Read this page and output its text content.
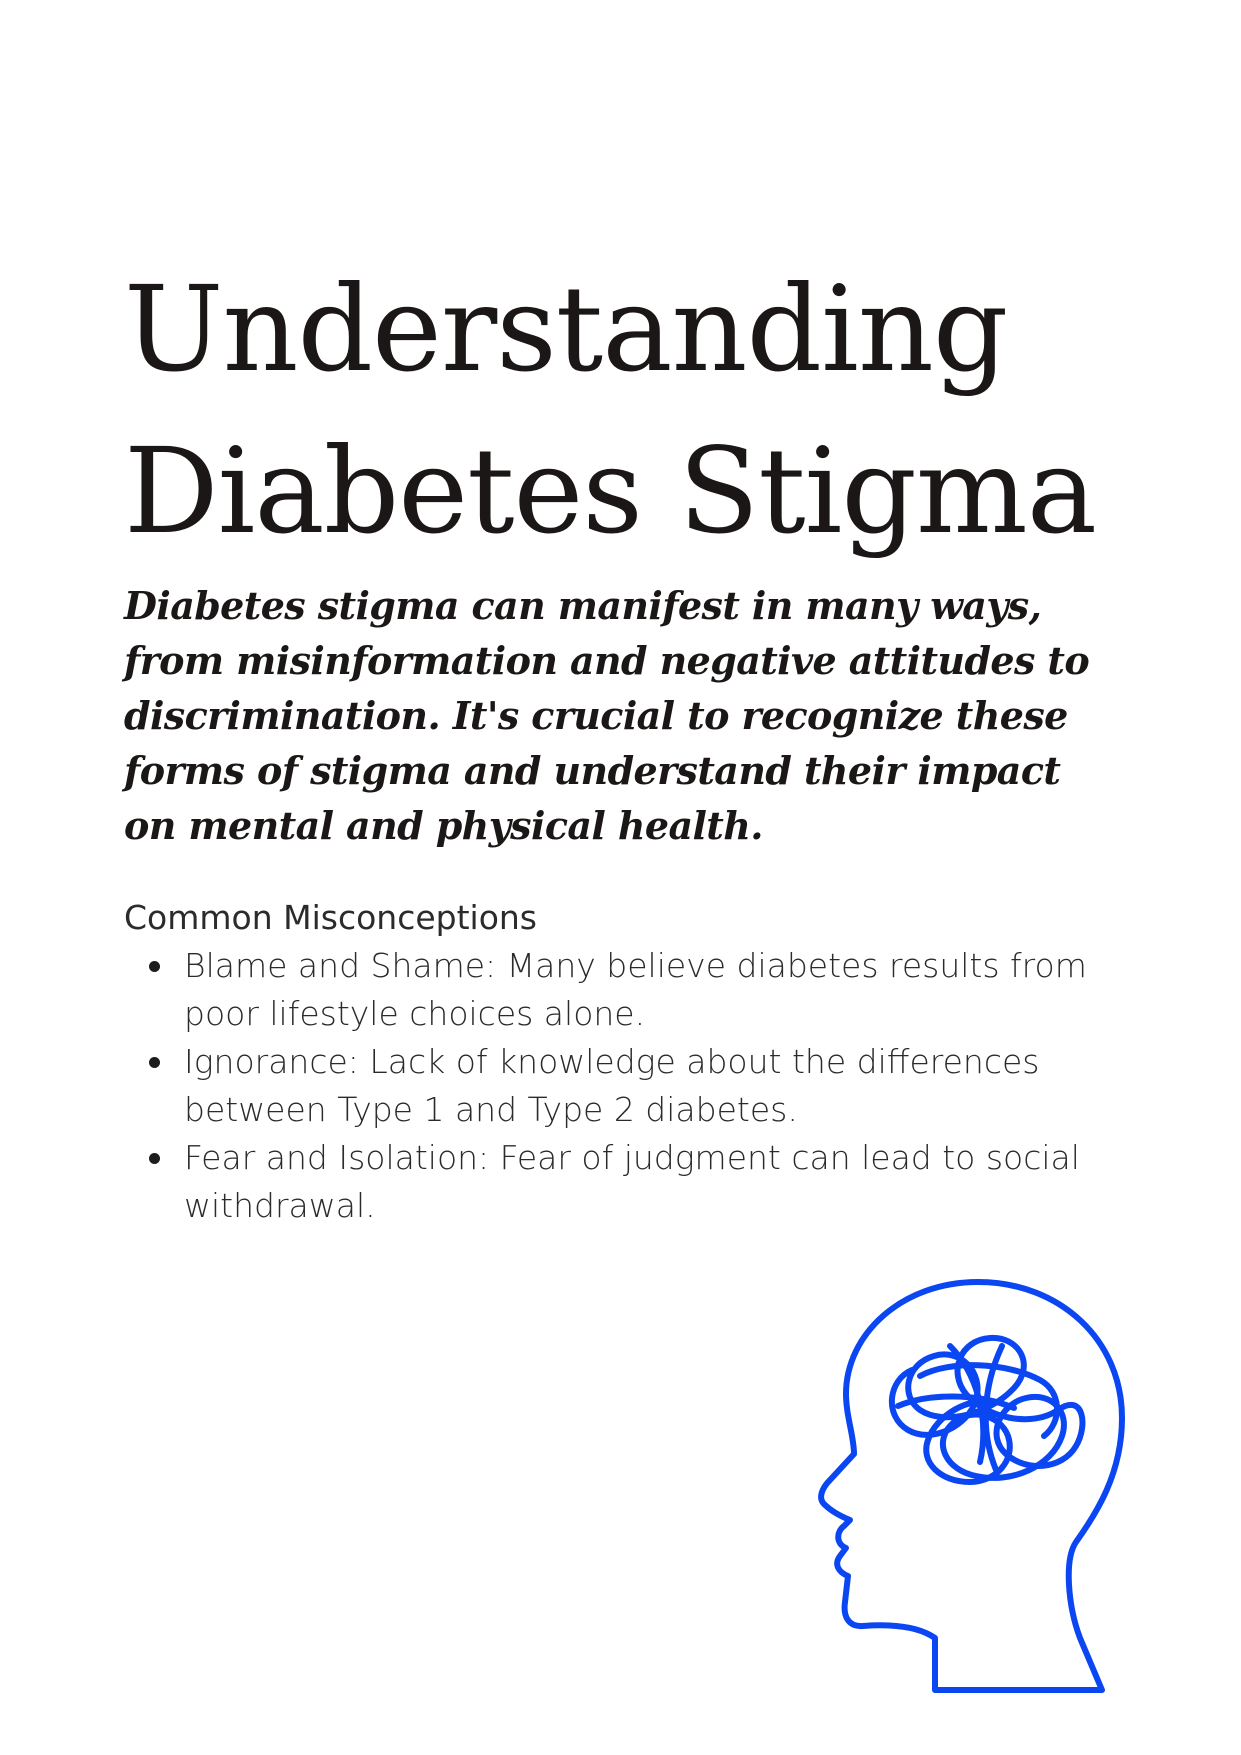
Understanding
Diabetes Stigma

Diabetes stigma can manifest in many ways, from misinformation and negative attitudes to discrimination. It's crucial to recognize these forms of stigma and understand their impact on mental and physical health.

Common Misconceptions
Blame and Shame: Many believe diabetes results from poor lifestyle choices alone.
Ignorance: Lack of knowledge about the differences between Type 1 and Type 2 diabetes.
Fear and Isolation: Fear of judgment can lead to social withdrawal.
